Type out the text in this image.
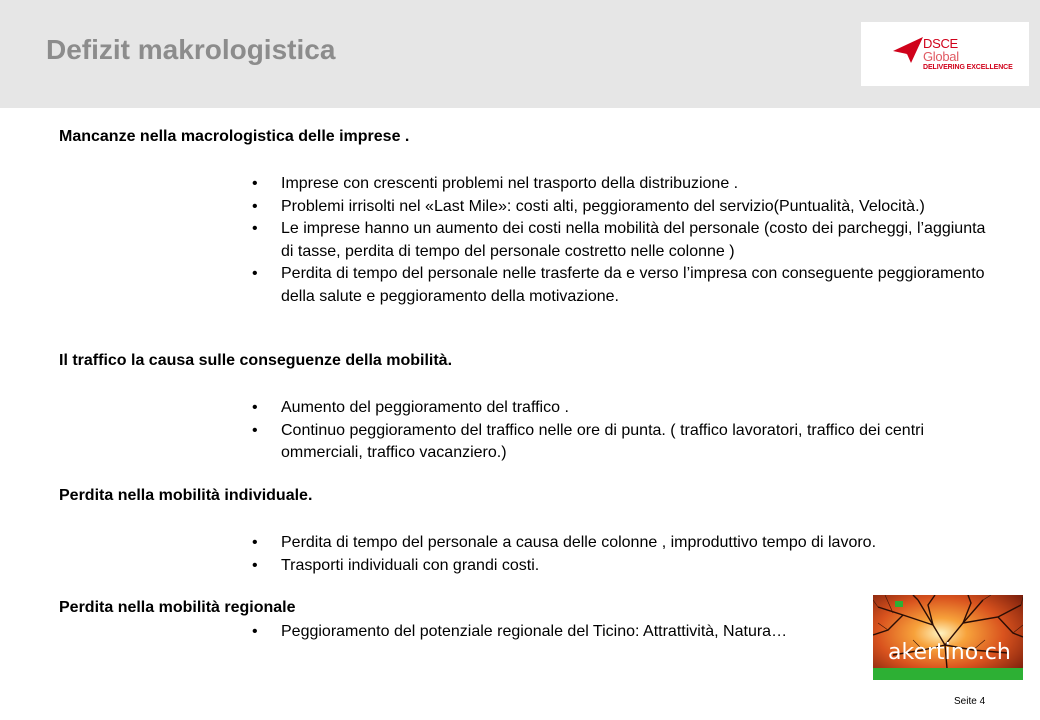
Defizit makrologistica	DSCE
Global
DELIVERING EXCELLENCE
Mancanze nella macrologistica delle imprese .
• Imprese con crescenti problemi nel trasporto della distribuzione .
• Problemi irrisolti nel «Last Mile»: costi alti, peggioramento del servizio(Puntualità, Velocità.)
• Le imprese hanno un aumento dei costi nella mobilità del personale (costo dei parcheggi, l’aggiunta di tasse, perdita di tempo del personale costretto nelle colonne )
• Perdita di tempo del personale nelle trasferte da e verso l’impresa con conseguente peggioramento della salute e peggioramento della motivazione.
Il traffico la causa sulle conseguenze della mobilità.
• Aumento del peggioramento del traffico .
• Continuo peggioramento del traffico nelle ore di punta. ( traffico lavoratori, traffico dei centri ommerciali, traffico vacanziero.)
Perdita nella mobilità individuale.
• Perdita di tempo del personale a causa delle colonne , improduttivo tempo di lavoro.
• Trasporti individuali con grandi costi.
Perdita nella mobilità regionale
• Peggioramento del potenziale regionale del Ticino: Attrattività, Natura…
akertino.ch
Seite 4
